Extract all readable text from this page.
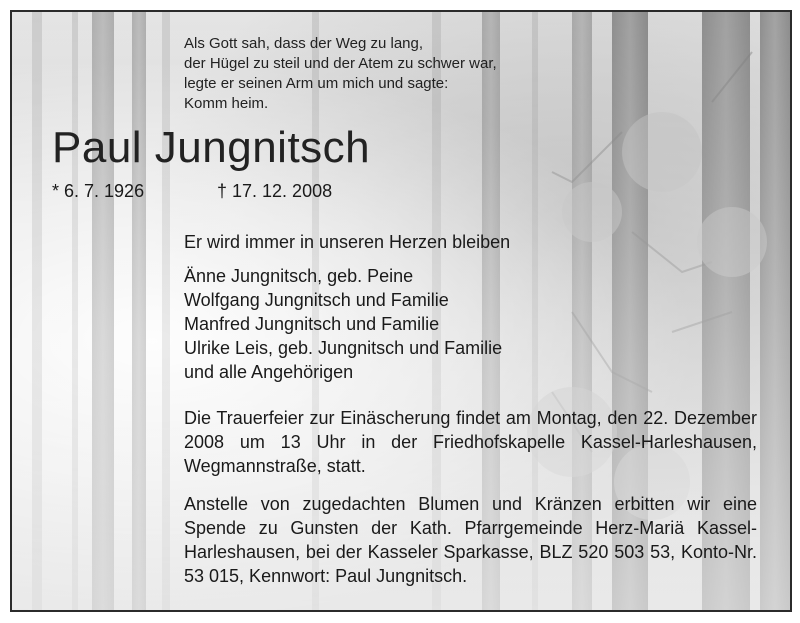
Als Gott sah, dass der Weg zu lang,
der Hügel zu steil und der Atem zu schwer war,
legte er seinen Arm um mich und sagte:
Komm heim.
Paul Jungnitsch
* 6. 7. 1926	† 17. 12. 2008
Er wird immer in unseren Herzen bleiben
Änne Jungnitsch, geb. Peine
Wolfgang Jungnitsch und Familie
Manfred Jungnitsch und Familie
Ulrike Leis, geb. Jungnitsch und Familie
und alle Angehörigen
Die Trauerfeier zur Einäscherung findet am Montag, den 22. Dezember 2008 um 13 Uhr in der Friedhofskapelle Kassel-Harleshausen, Wegmannstraße, statt.
Anstelle von zugedachten Blumen und Kränzen erbitten wir eine Spende zu Gunsten der Kath. Pfarrgemeinde Herz-Mariä Kassel-Harleshausen, bei der Kasseler Sparkasse, BLZ 520 503 53, Konto-Nr. 53 015, Kennwort: Paul Jungnitsch.
